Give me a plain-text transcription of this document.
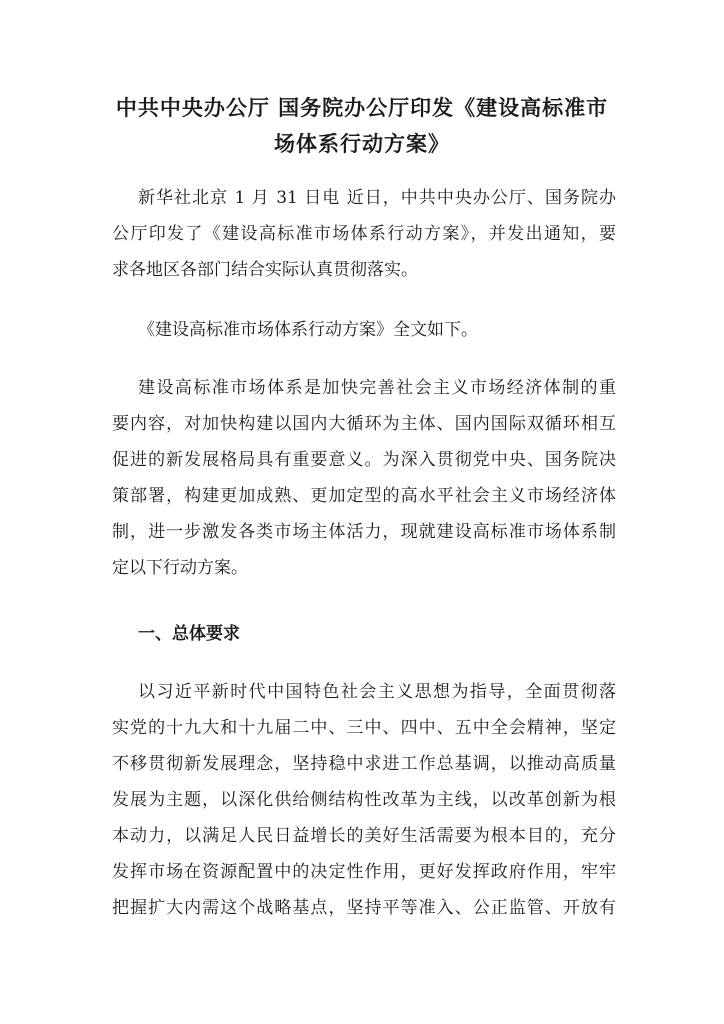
中共中央办公厅 国务院办公厅印发《建设高标准市
场体系行动方案》

新华社北京 1 月 31 日电 近日，中共中央办公厅、国务院办
公厅印发了《建设高标准市场体系行动方案》，并发出通知，要
求各地区各部门结合实际认真贯彻落实。

《建设高标准市场体系行动方案》全文如下。

建设高标准市场体系是加快完善社会主义市场经济体制的重
要内容，对加快构建以国内大循环为主体、国内国际双循环相互
促进的新发展格局具有重要意义。为深入贯彻党中央、国务院决
策部署，构建更加成熟、更加定型的高水平社会主义市场经济体
制，进一步激发各类市场主体活力，现就建设高标准市场体系制
定以下行动方案。

一、总体要求

以习近平新时代中国特色社会主义思想为指导，全面贯彻落
实党的十九大和十九届二中、三中、四中、五中全会精神，坚定
不移贯彻新发展理念，坚持稳中求进工作总基调，以推动高质量
发展为主题，以深化供给侧结构性改革为主线，以改革创新为根
本动力，以满足人民日益增长的美好生活需要为根本目的，充分
发挥市场在资源配置中的决定性作用，更好发挥政府作用，牢牢
把握扩大内需这个战略基点，坚持平等准入、公正监管、开放有
